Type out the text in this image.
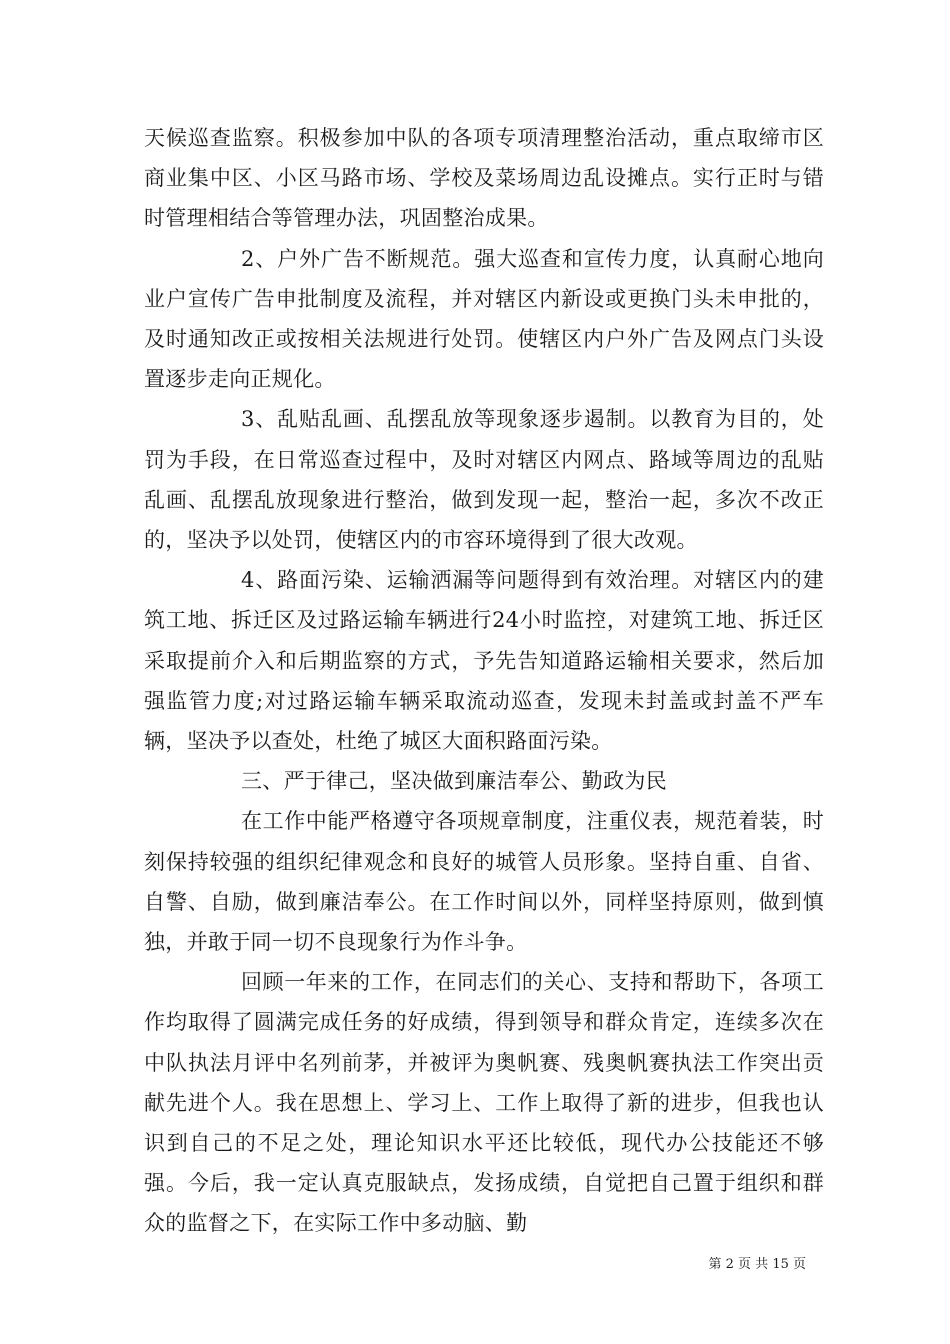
天候巡查监察。积极参加中队的各项专项清理整治活动，重点取缔市区商业集中区、小区马路市场、学校及菜场周边乱设摊点。实行正时与错时管理相结合等管理办法，巩固整治成果。

2、户外广告不断规范。强大巡查和宣传力度，认真耐心地向业户宣传广告申批制度及流程，并对辖区内新设或更换门头未申批的，及时通知改正或按相关法规进行处罚。使辖区内户外广告及网点门头设置逐步走向正规化。

3、乱贴乱画、乱摆乱放等现象逐步遏制。以教育为目的，处罚为手段，在日常巡查过程中，及时对辖区内网点、路域等周边的乱贴乱画、乱摆乱放现象进行整治，做到发现一起，整治一起，多次不改正的，坚决予以处罚，使辖区内的市容环境得到了很大改观。

4、路面污染、运输洒漏等问题得到有效治理。对辖区内的建筑工地、拆迁区及过路运输车辆进行24小时监控，对建筑工地、拆迁区采取提前介入和后期监察的方式，予先告知道路运输相关要求，然后加强监管力度;对过路运输车辆采取流动巡查，发现未封盖或封盖不严车辆，坚决予以查处，杜绝了城区大面积路面污染。

三、严于律己，坚决做到廉洁奉公、勤政为民

在工作中能严格遵守各项规章制度，注重仪表，规范着装，时刻保持较强的组织纪律观念和良好的城管人员形象。坚持自重、自省、自警、自励，做到廉洁奉公。在工作时间以外，同样坚持原则，做到慎独，并敢于同一切不良现象行为作斗争。

回顾一年来的工作，在同志们的关心、支持和帮助下，各项工作均取得了圆满完成任务的好成绩，得到领导和群众肯定，连续多次在中队执法月评中名列前茅，并被评为奥帆赛、残奥帆赛执法工作突出贡献先进个人。我在思想上、学习上、工作上取得了新的进步，但我也认识到自己的不足之处，理论知识水平还比较低，现代办公技能还不够强。今后，我一定认真克服缺点，发扬成绩，自觉把自己置于组织和群众的监督之下，在实际工作中多动脑、勤

第 2 页 共 15 页
